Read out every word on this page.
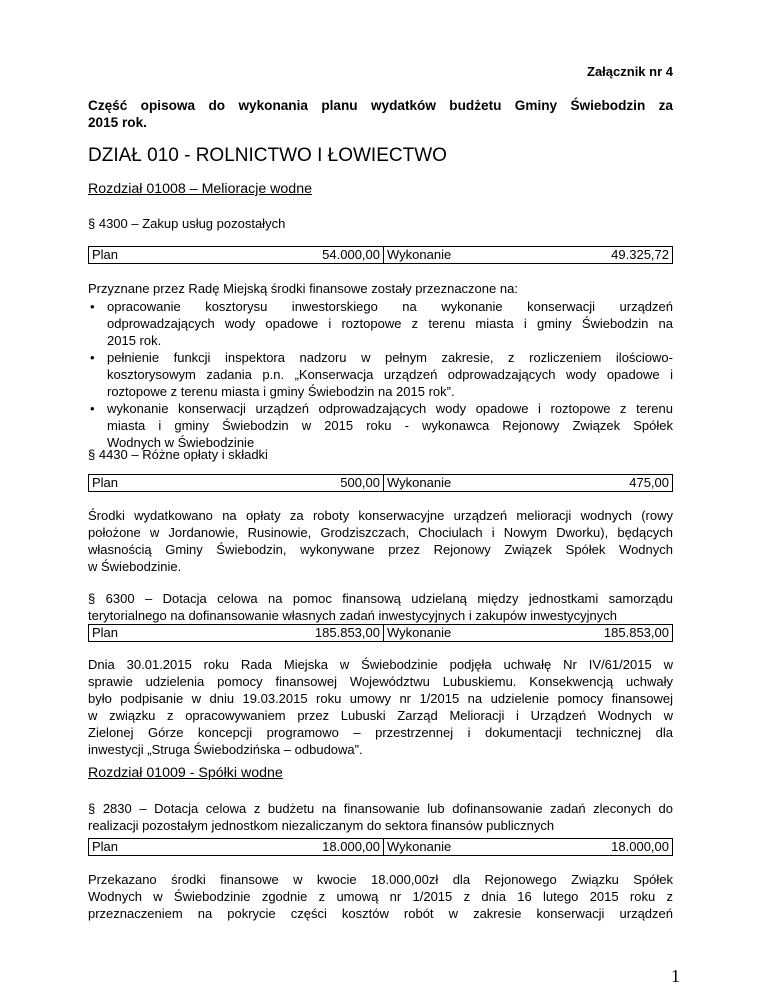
Załącznik nr 4
Część opisowa do wykonania planu wydatków budżetu Gminy Świebodzin za
2015 rok.
DZIAŁ 010 - ROLNICTWO I ŁOWIECTWO
Rozdział 01008 – Melioracje wodne
§ 4300 – Zakup usług pozostałych
Plan	54.000,00 Wykonanie	49.325,72
Przyznane przez Radę Miejską środki finansowe zostały przeznaczone na:
• opracowanie kosztorysu inwestorskiego na wykonanie konserwacji urządzeń
odprowadzających wody opadowe i roztopowe z terenu miasta i gminy Świebodzin na
2015 rok.
• pełnienie funkcji inspektora nadzoru w pełnym zakresie, z rozliczeniem ilościowo-
kosztorysowym zadania p.n. „Konserwacja urządzeń odprowadzających wody opadowe i
roztopowe z terenu miasta i gminy Świebodzin na 2015 rok”.
• wykonanie konserwacji urządzeń odprowadzających wody opadowe i roztopowe z terenu
miasta i gminy Świebodzin w 2015 roku - wykonawca Rejonowy Związek Spółek
Wodnych w Świebodzinie
§ 4430 – Różne opłaty i składki
Plan	500,00 Wykonanie	475,00
Środki wydatkowano na opłaty za roboty konserwacyjne urządzeń melioracji wodnych (rowy
położone w Jordanowie, Rusinowie, Grodziszczach, Chociulach i Nowym Dworku), będących
własnością Gminy Świebodzin, wykonywane przez Rejonowy Związek Spółek Wodnych
w Świebodzinie.
§ 6300 – Dotacja celowa na pomoc finansową udzielaną między jednostkami samorządu
terytorialnego na dofinansowanie własnych zadań inwestycyjnych i zakupów inwestycyjnych
Plan	185.853,00 Wykonanie	185.853,00
Dnia 30.01.2015 roku Rada Miejska w Świebodzinie podjęła uchwałę Nr IV/61/2015 w
sprawie udzielenia pomocy finansowej Województwu Lubuskiemu. Konsekwencją uchwały
było podpisanie w dniu 19.03.2015 roku umowy nr 1/2015 na udzielenie pomocy finansowej
w związku z opracowywaniem przez Lubuski Zarząd Melioracji i Urządzeń Wodnych w
Zielonej Górze koncepcji programowo – przestrzennej i dokumentacji technicznej dla
inwestycji „Struga Świebodzińska – odbudowa”.
Rozdział 01009 - Spółki wodne
§ 2830 – Dotacja celowa z budżetu na finansowanie lub dofinansowanie zadań zleconych do
realizacji pozostałym jednostkom niezaliczanym do sektora finansów publicznych
Plan	18.000,00 Wykonanie	18.000,00
Przekazano środki finansowe w kwocie 18.000,00zł dla Rejonowego Związku Spółek
Wodnych w Świebodzinie zgodnie z umową nr 1/2015 z dnia 16 lutego 2015 roku z
przeznaczeniem na pokrycie części kosztów robót w zakresie konserwacji urządzeń
1
